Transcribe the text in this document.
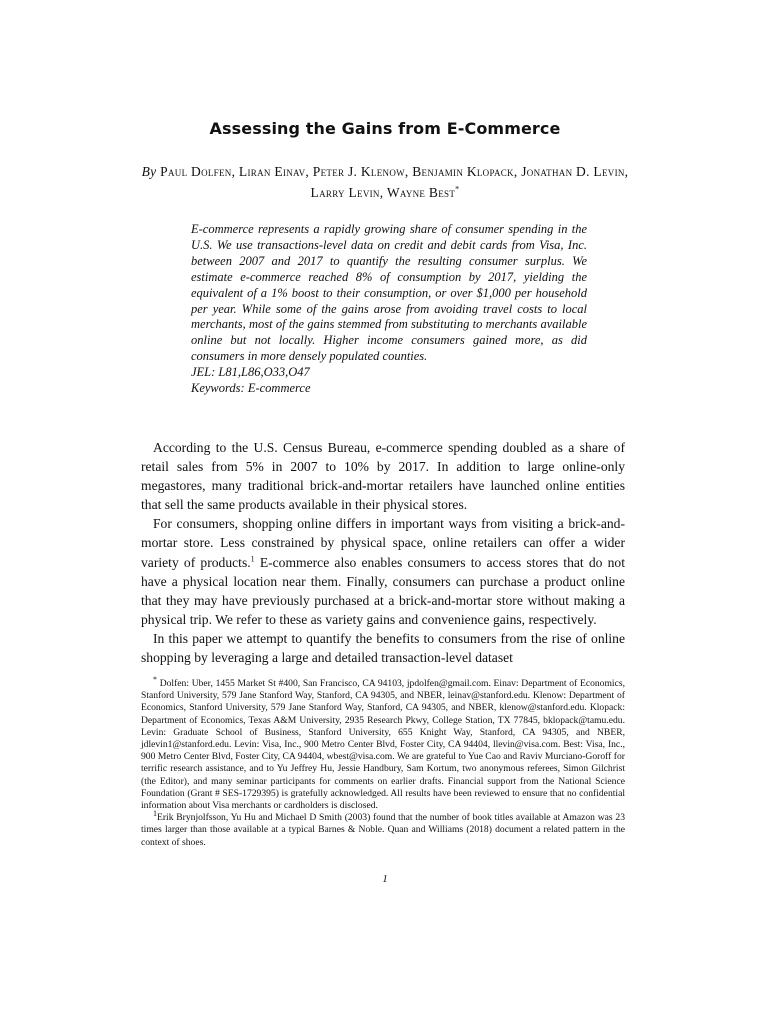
Assessing the Gains from E-Commerce
By Paul Dolfen, Liran Einav, Peter J. Klenow, Benjamin Klopack, Jonathan D. Levin, Larry Levin, Wayne Best*

E-commerce represents a rapidly growing share of consumer spending in the U.S. We use transactions-level data on credit and debit cards from Visa, Inc. between 2007 and 2017 to quantify the resulting consumer surplus. We estimate e-commerce reached 8% of consumption by 2017, yielding the equivalent of a 1% boost to their consumption, or over $1,000 per household per year. While some of the gains arose from avoiding travel costs to local merchants, most of the gains stemmed from substituting to merchants available online but not locally. Higher income consumers gained more, as did consumers in more densely populated counties.

JEL: L81,L86,O33,O47
Keywords: E-commerce

According to the U.S. Census Bureau, e-commerce spending doubled as a share of retail sales from 5% in 2007 to 10% by 2017. In addition to large online-only megastores, many traditional brick-and-mortar retailers have launched online entities that sell the same products available in their physical stores.

For consumers, shopping online differs in important ways from visiting a brick-and-mortar store. Less constrained by physical space, online retailers can offer a wider variety of products.$^1$ E-commerce also enables consumers to access stores that do not have a physical location near them. Finally, consumers can purchase a product online that they may have previously purchased at a brick-and-mortar store without making a physical trip. We refer to these as variety gains and convenience gains, respectively.

In this paper we attempt to quantify the benefits to consumers from the rise of online shopping by leveraging a large and detailed transaction-level dataset

* Dolfen: Uber, 1455 Market St #400, San Francisco, CA 94103, jpdolfen@gmail.com. Einav: Department of Economics, Stanford University, 579 Jane Stanford Way, Stanford, CA 94305, and NBER, leinav@stanford.edu. Klenow: Department of Economics, Stanford University, 579 Jane Stanford Way, Stanford, CA 94305, and NBER, klenow@stanford.edu. Klopack: Department of Economics, Texas A&M University, 2935 Research Pkwy, College Station, TX 77845, bklopack@tamu.edu. Levin: Graduate School of Business, Stanford University, 655 Knight Way, Stanford, CA 94305, and NBER, jdlevin1@stanford.edu. Levin: Visa, Inc., 900 Metro Center Blvd, Foster City, CA 94404, llevin@visa.com. Best: Visa, Inc., 900 Metro Center Blvd, Foster City, CA 94404, wbest@visa.com. We are grateful to Yue Cao and Raviv Murciano-Goroff for terrific research assistance, and to Yu Jeffrey Hu, Jessie Handbury, Sam Kortum, two anonymous referees, Simon Gilchrist (the Editor), and many seminar participants for comments on earlier drafts. Financial support from the National Science Foundation (Grant # SES-1729395) is gratefully acknowledged. All results have been reviewed to ensure that no confidential information about Visa merchants or cardholders is disclosed.

$^1$Erik Brynjolfsson, Yu Hu and Michael D Smith (2003) found that the number of book titles available at Amazon was 23 times larger than those available at a typical Barnes & Noble. Quan and Williams (2018) document a related pattern in the context of shoes.

1
